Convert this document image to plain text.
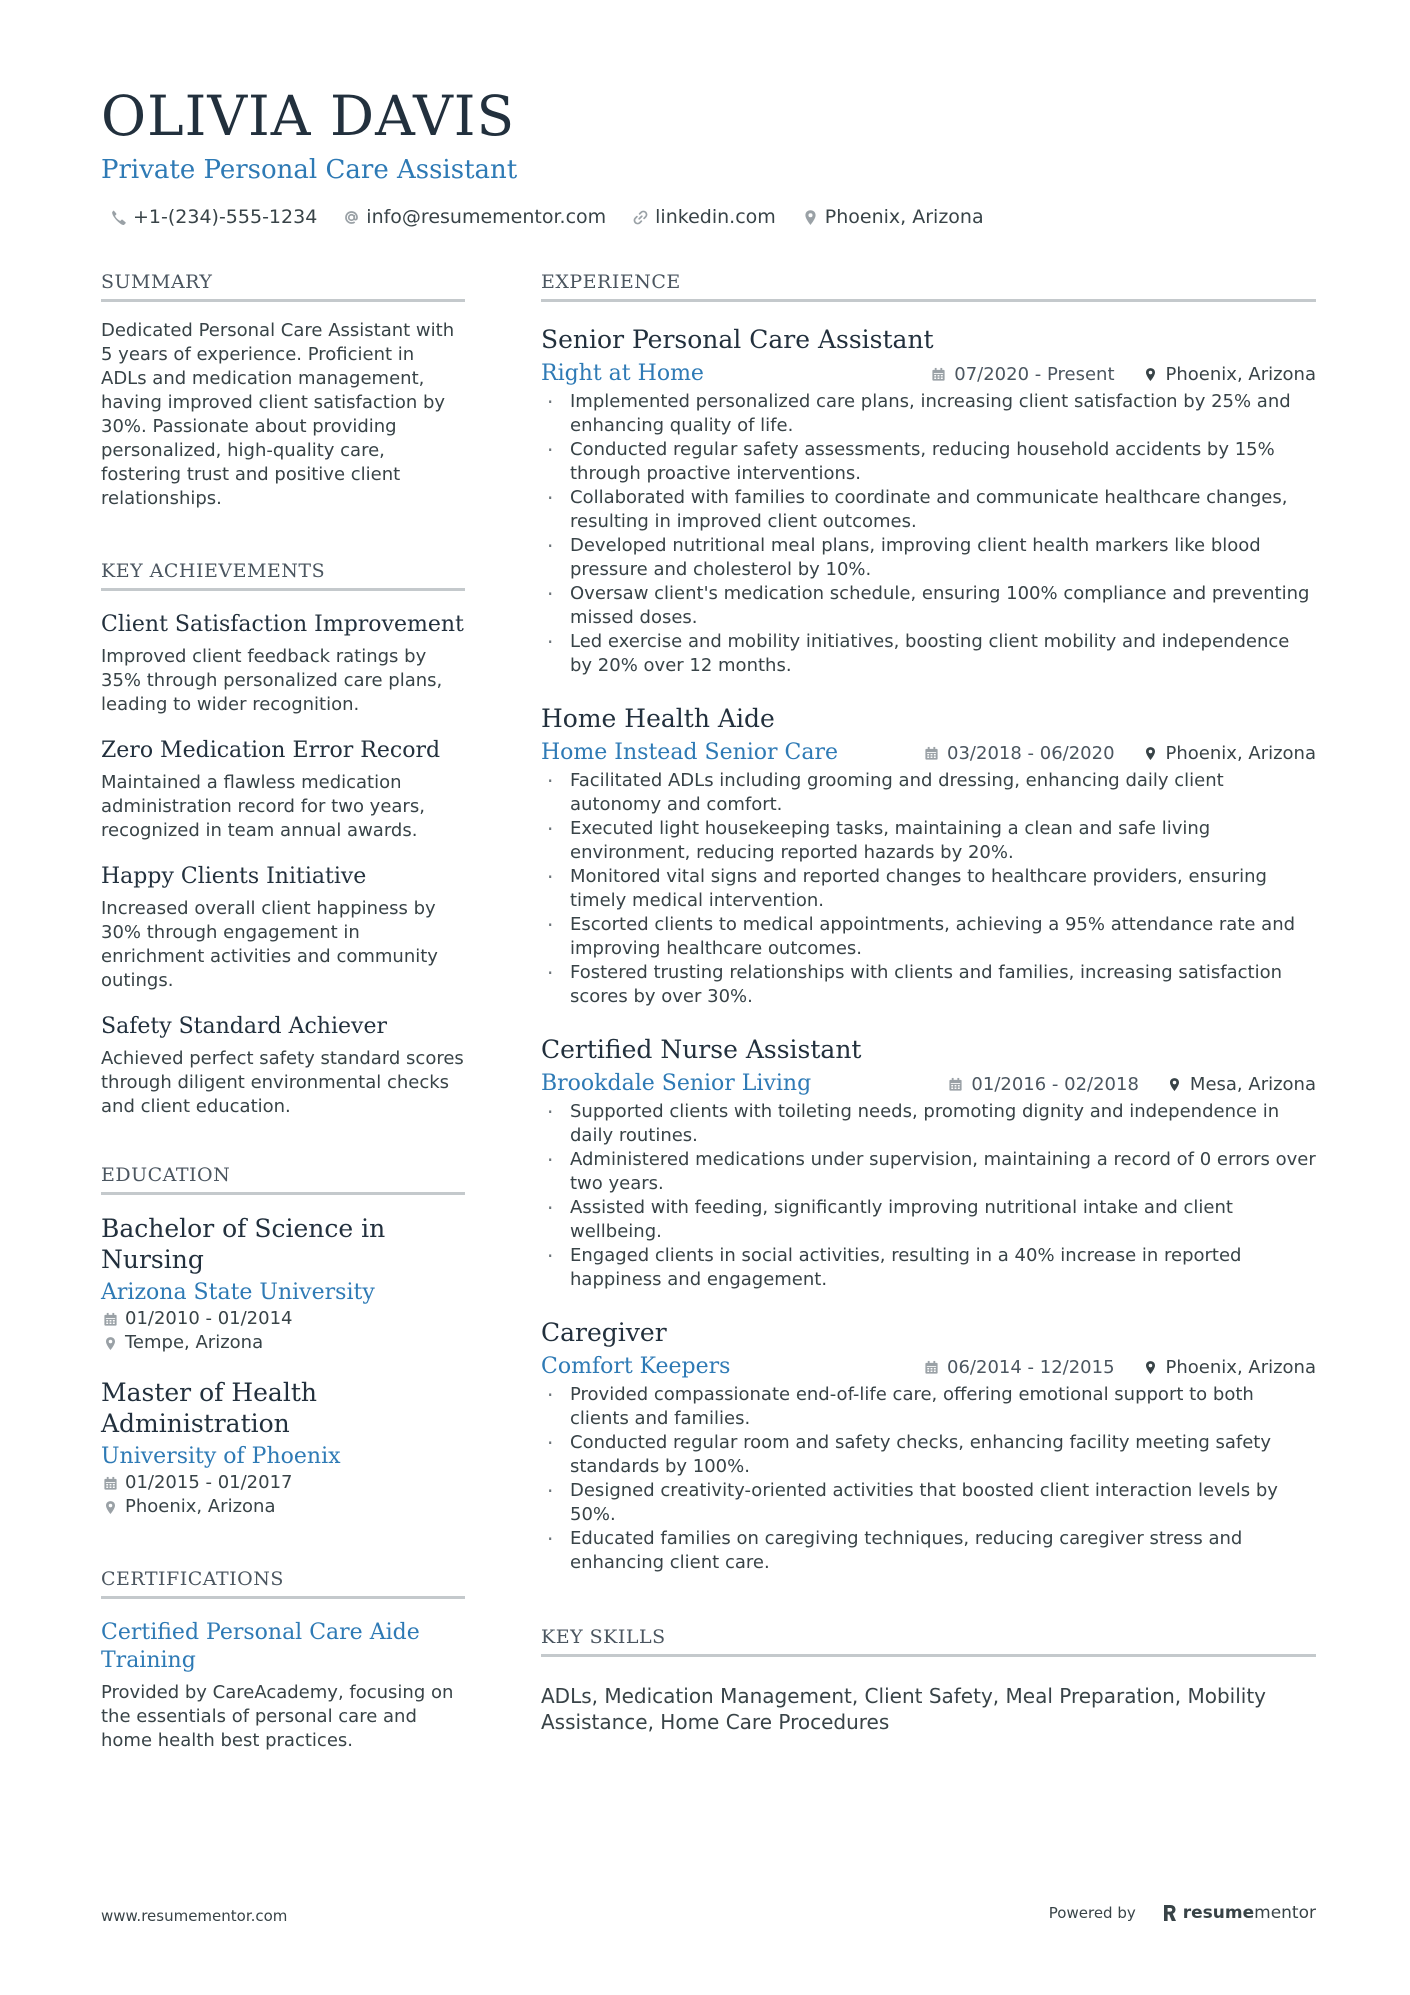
OLIVIA DAVIS
Private Personal Care Assistant
+1-(234)-555-1234	info@resumementor.com	linkedin.com	Phoenix, Arizona
SUMMARY

Dedicated Personal Care Assistant with 5 years of experience. Proficient in ADLs and medication management, having improved client satisfaction by 30%. Passionate about providing personalized, high-quality care, fostering trust and positive client relationships.

KEY ACHIEVEMENTS
Client Satisfaction Improvement

Improved client feedback ratings by 35% through personalized care plans, leading to wider recognition.

Zero Medication Error Record

Maintained a flawless medication administration record for two years, recognized in team annual awards.

Happy Clients Initiative

Increased overall client happiness by 30% through engagement in enrichment activities and community outings.

Safety Standard Achiever

Achieved perfect safety standard scores through diligent environmental checks and client education.

EDUCATION
Bachelor of Science in Nursing
Arizona State University
01/2010 - 01/2014
Tempe, Arizona
Master of Health Administration
University of Phoenix
01/2015 - 01/2017
Phoenix, Arizona
CERTIFICATIONS
Certified Personal Care Aide Training

Provided by CareAcademy, focusing on the essentials of personal care and home health best practices.

EXPERIENCE
Senior Personal Care Assistant
Right at Home	07/2020 - Present	Phoenix, Arizona
· Implemented personalized care plans, increasing client satisfaction by 25% and enhancing quality of life.
· Conducted regular safety assessments, reducing household accidents by 15% through proactive interventions.
· Collaborated with families to coordinate and communicate healthcare changes, resulting in improved client outcomes.
· Developed nutritional meal plans, improving client health markers like blood pressure and cholesterol by 10%.
· Oversaw client's medication schedule, ensuring 100% compliance and preventing missed doses.
· Led exercise and mobility initiatives, boosting client mobility and independence by 20% over 12 months.
Home Health Aide
Home Instead Senior Care	03/2018 - 06/2020	Phoenix, Arizona
· Facilitated ADLs including grooming and dressing, enhancing daily client autonomy and comfort.
· Executed light housekeeping tasks, maintaining a clean and safe living environment, reducing reported hazards by 20%.
· Monitored vital signs and reported changes to healthcare providers, ensuring timely medical intervention.
· Escorted clients to medical appointments, achieving a 95% attendance rate and improving healthcare outcomes.
· Fostered trusting relationships with clients and families, increasing satisfaction scores by over 30%.
Certified Nurse Assistant
Brookdale Senior Living	01/2016 - 02/2018	Mesa, Arizona
· Supported clients with toileting needs, promoting dignity and independence in daily routines.
· Administered medications under supervision, maintaining a record of 0 errors over two years.
· Assisted with feeding, significantly improving nutritional intake and client wellbeing.
· Engaged clients in social activities, resulting in a 40% increase in reported happiness and engagement.
Caregiver
Comfort Keepers	06/2014 - 12/2015	Phoenix, Arizona
· Provided compassionate end-of-life care, offering emotional support to both clients and families.
· Conducted regular room and safety checks, enhancing facility meeting safety standards by 100%.
· Designed creativity-oriented activities that boosted client interaction levels by 50%.
· Educated families on caregiving techniques, reducing caregiver stress and enhancing client care.
KEY SKILLS

ADLs, Medication Management, Client Safety, Meal Preparation, Mobility Assistance, Home Care Procedures

www.resumementor.com	Powered by	resume mentor
